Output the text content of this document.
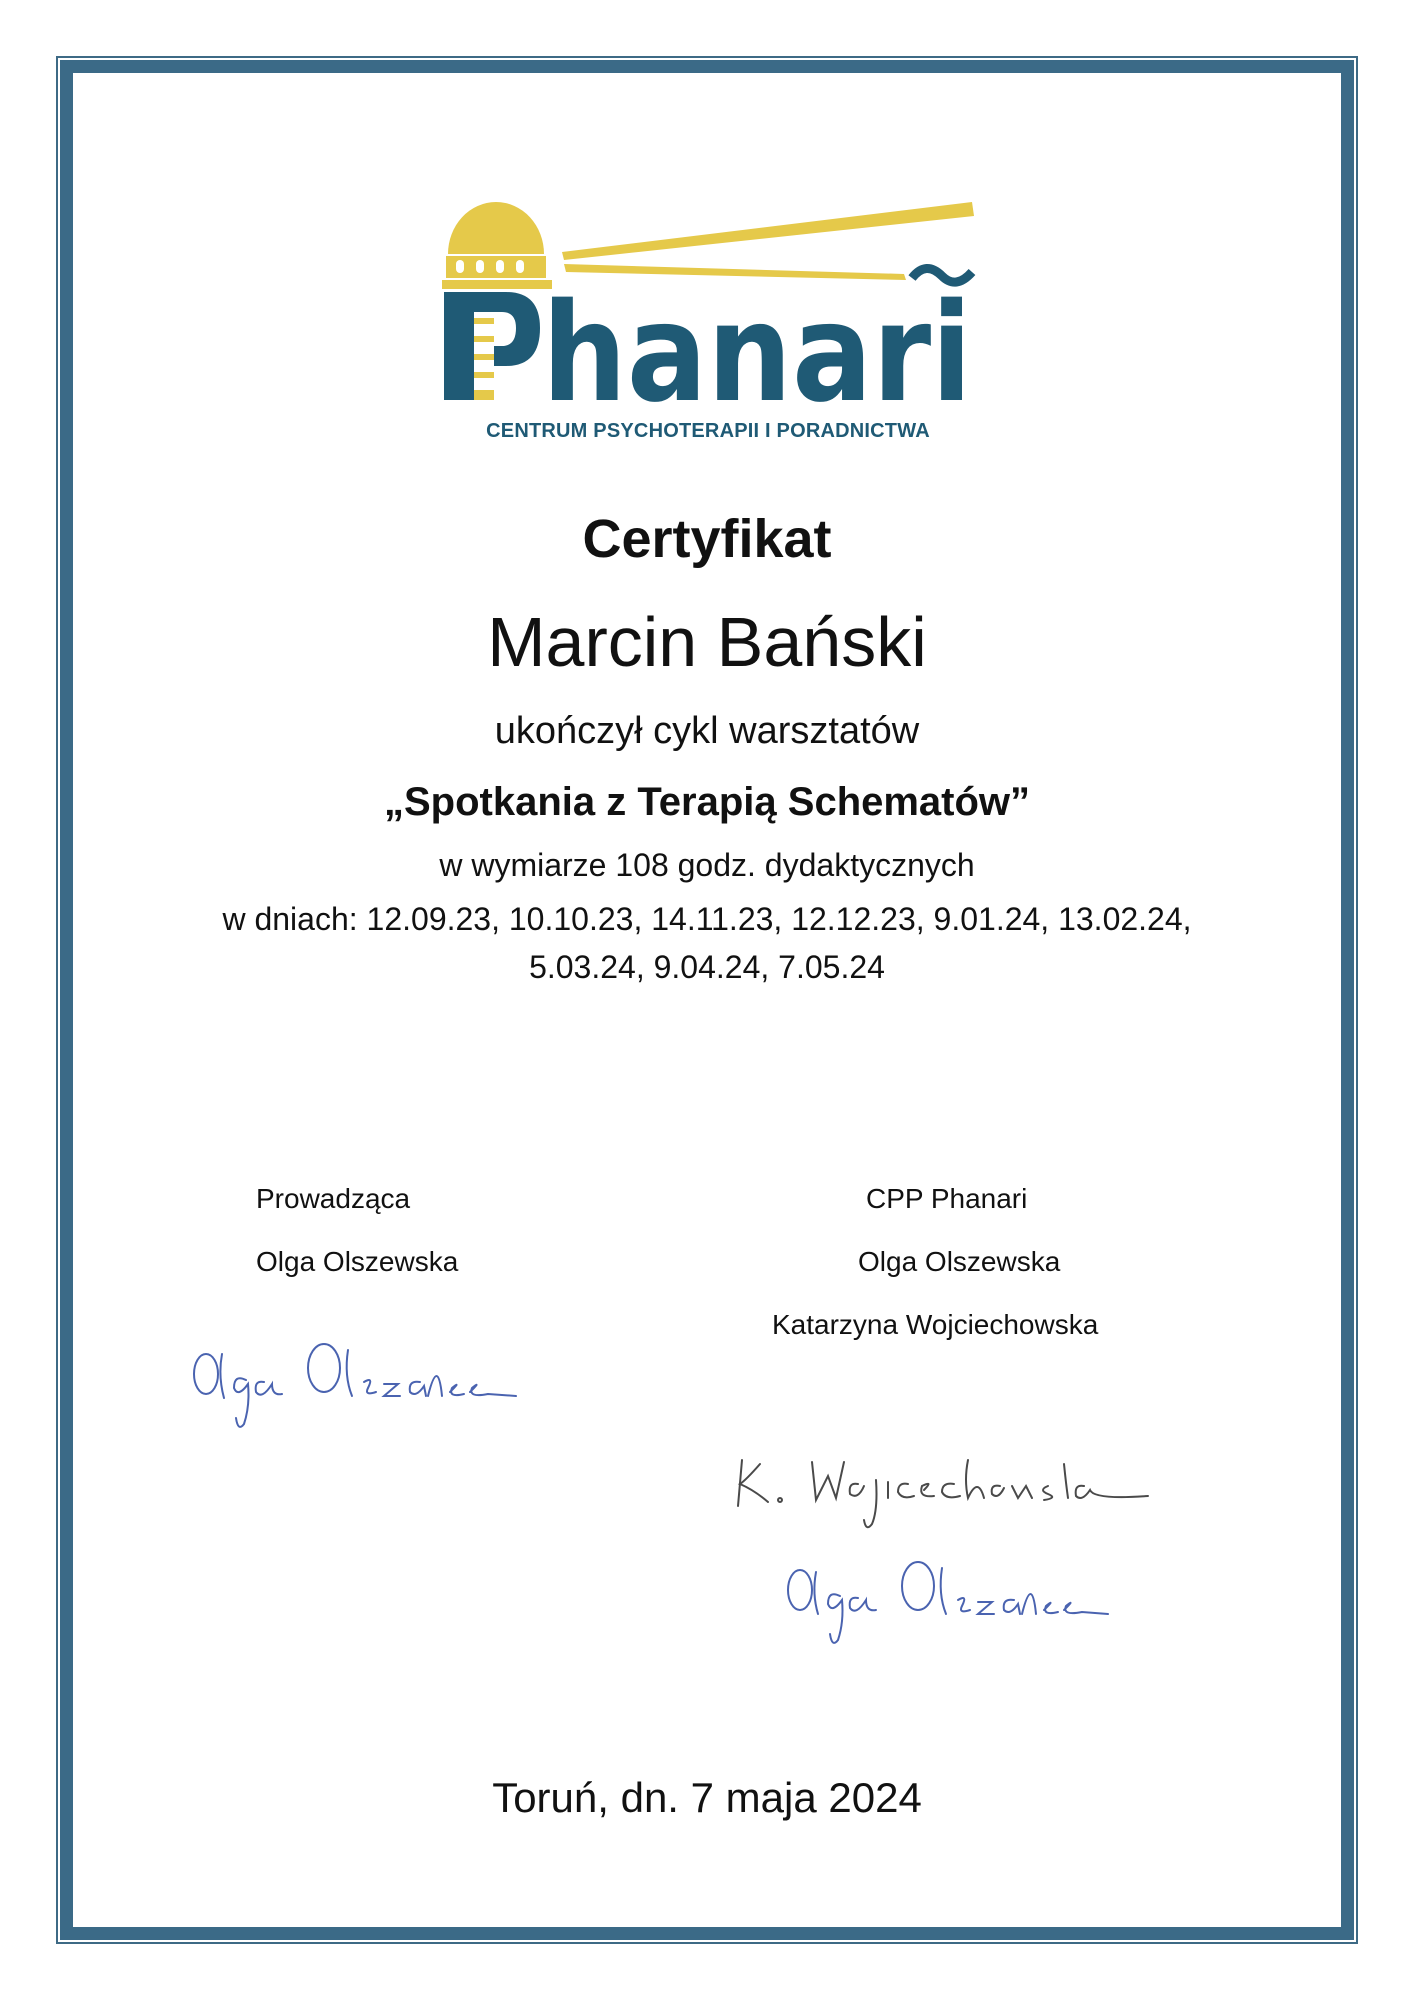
hanari
CENTRUM PSYCHOTERAPII I PORADNICTWA
Certyfikat
Marcin Bański
ukończył cykl warsztatów
„Spotkania z Terapią Schematów”
w wymiarze 108 godz. dydaktycznych
w dniach: 12.09.23, 10.10.23, 14.11.23, 12.12.23, 9.01.24, 13.02.24,
5.03.24, 9.04.24, 7.05.24
Prowadząca
Olga Olszewska
CPP Phanari
Olga Olszewska
Katarzyna Wojciechowska
Toruń, dn. 7 maja 2024
